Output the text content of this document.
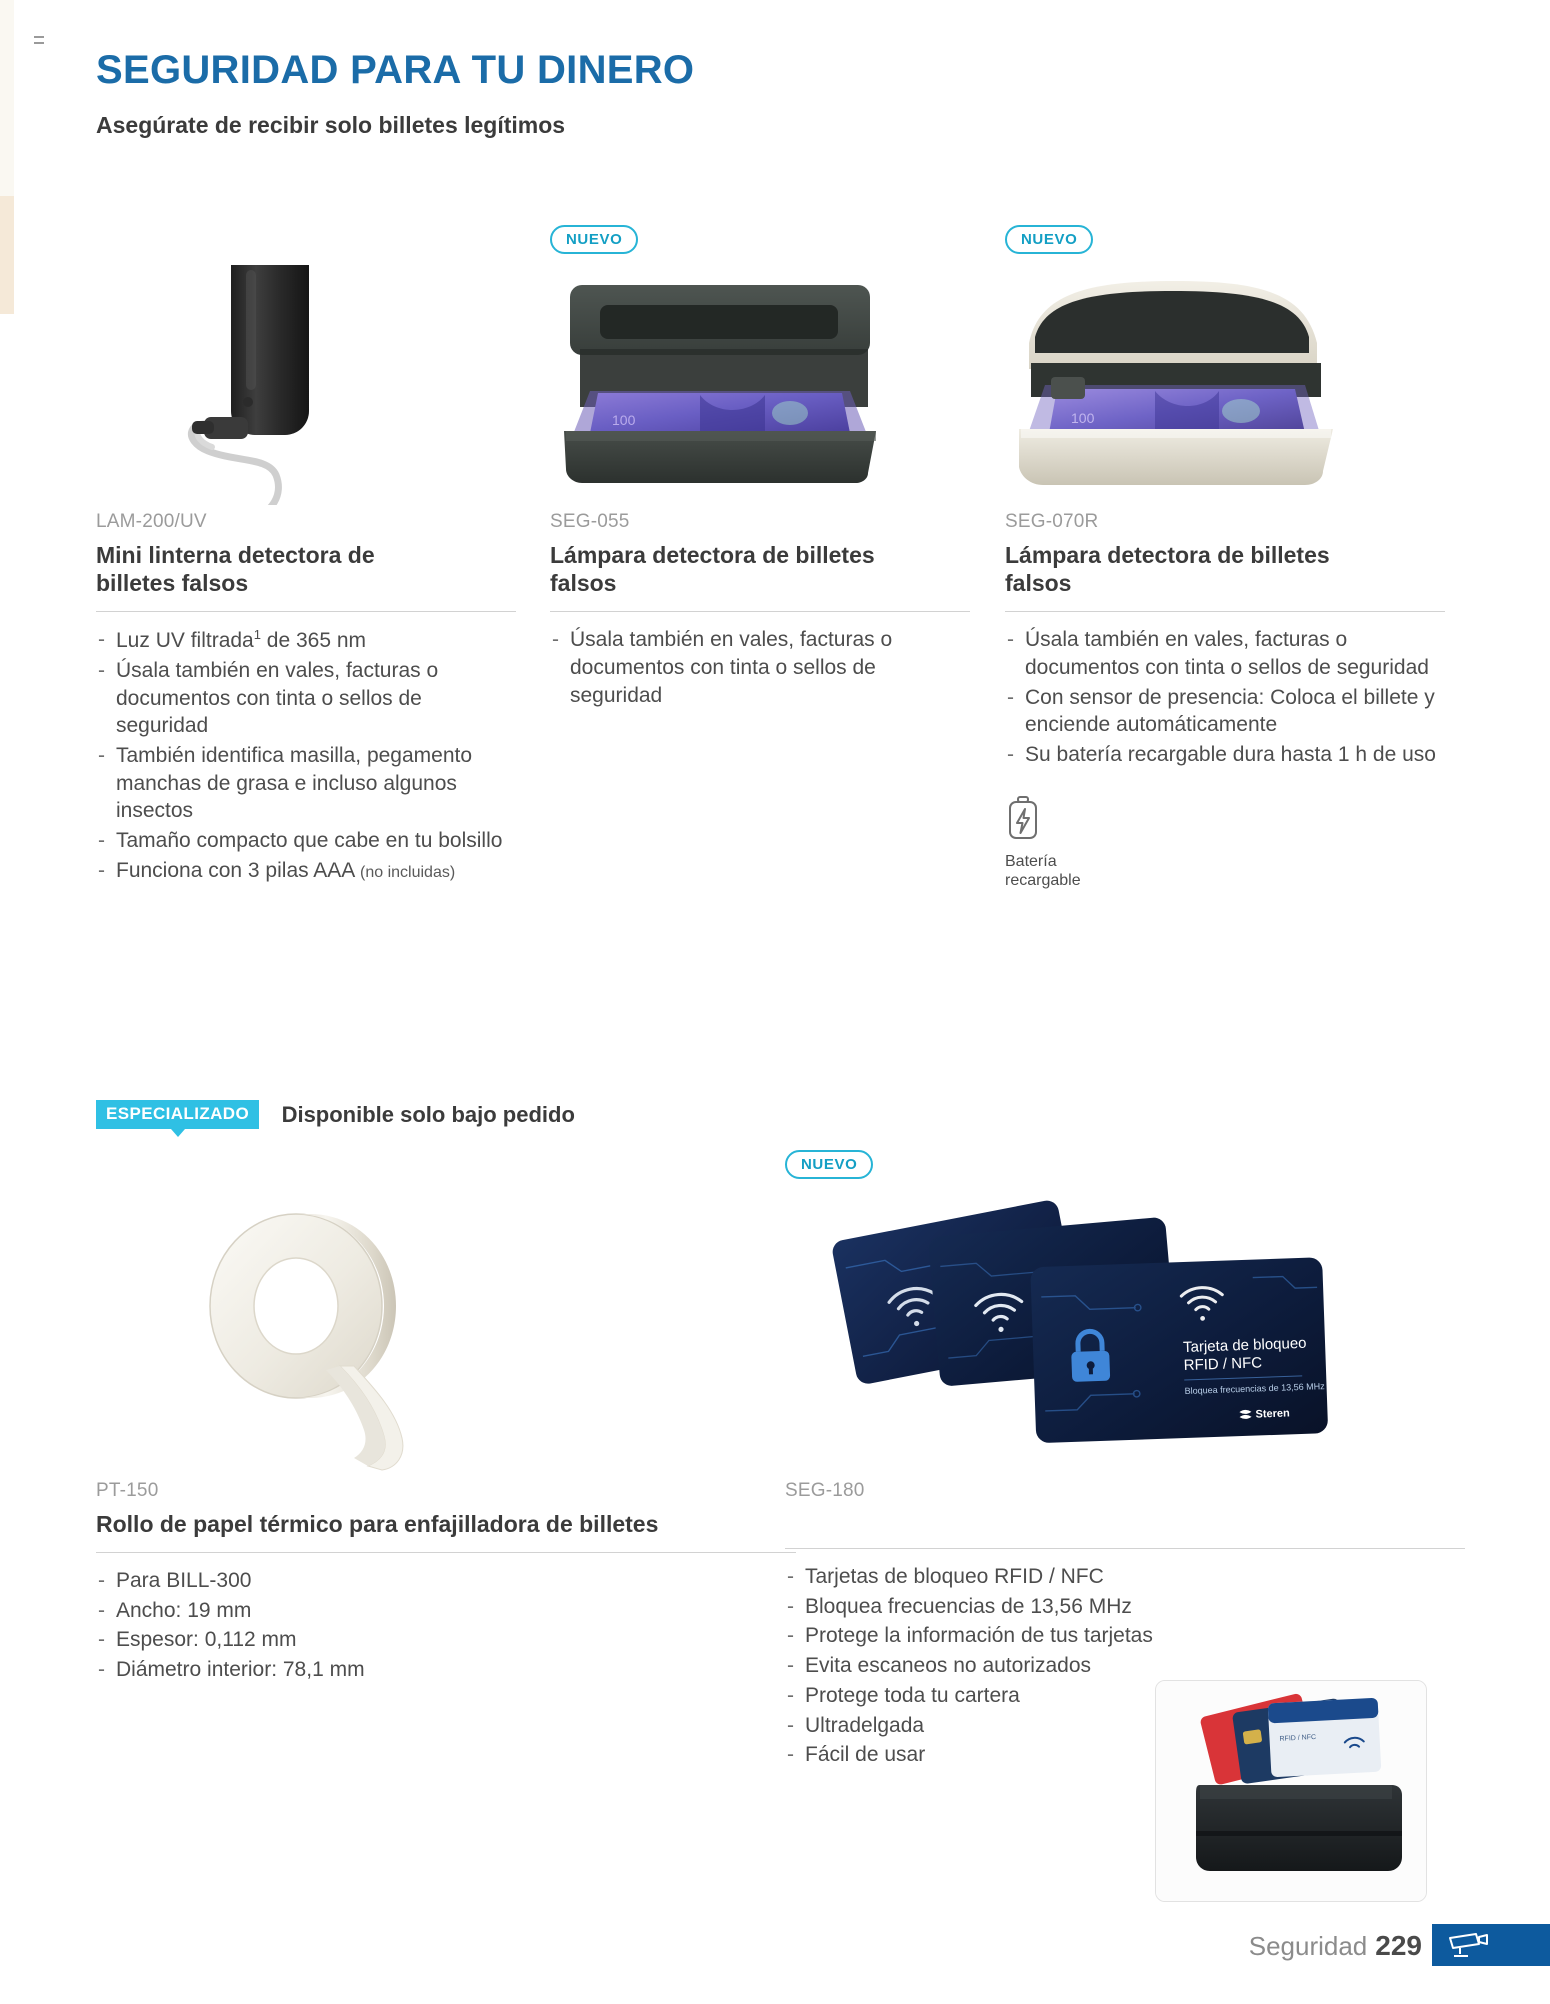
SEGURIDAD PARA TU DINERO
Asegúrate de recibir solo billetes legítimos
LAM-200/UV
Mini linterna detectora de billetes falsos
- Luz UV filtrada$^1$ de 365 nm
- Úsala también en vales, facturas o documentos con tinta o sellos de seguridad
- También identifica masilla, pegamento manchas de grasa e incluso algunos insectos
- Tamaño compacto que cabe en tu bolsillo
- Funciona con 3 pilas AAA (no incluidas)
NUEVO
100
SEG-055
Lámpara detectora de billetes falsos
- Úsala también en vales, facturas o documentos con tinta o sellos de seguridad
NUEVO
100
SEG-070R
Lámpara detectora de billetes falsos
- Úsala también en vales, facturas o documentos con tinta o sellos de seguridad
- Con sensor de presencia: Coloca el billete y enciende automáticamente
- Su batería recargable dura hasta 1 h de uso
Batería
recargable
ESPECIALIZADO Disponible solo bajo pedido
PT-150
Rollo de papel térmico para enfajilladora de billetes
- Para BILL-300
- Ancho: 19 mm
- Espesor: 0,112 mm
- Diámetro interior: 78,1 mm
NUEVO
Tarjeta de bloqueo
RFID / NFC
Bloquea frecuencias de 13,56 MHz
Steren
SEG-180
- Tarjetas de bloqueo RFID / NFC
- Bloquea frecuencias de 13,56 MHz
- Protege la información de tus tarjetas
- Evita escaneos no autorizados
- Protege toda tu cartera
- Ultradelgada
- Fácil de usar
RFID / NFC
Seguridad 229
